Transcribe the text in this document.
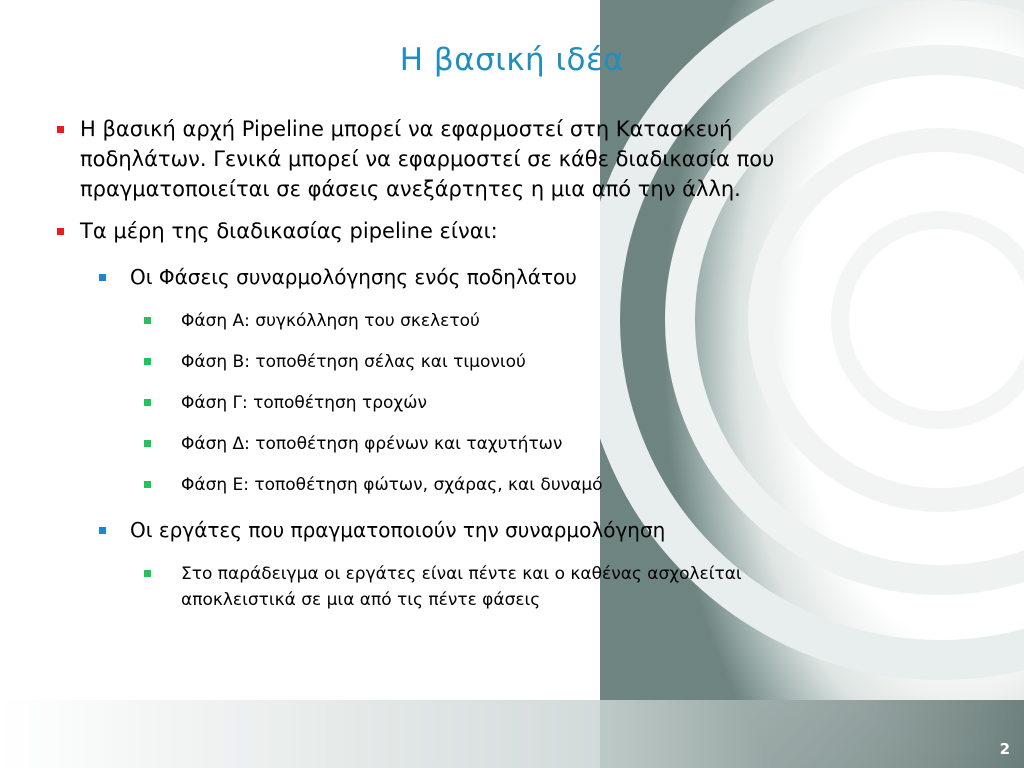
Η βασική ιδέα
Η βασική αρχή Pipeline μπορεί να εφαρμοστεί στη Κατασκευή
ποδηλάτων. Γενικά μπορεί να εφαρμοστεί σε κάθε διαδικασία που
πραγματοποιείται σε φάσεις ανεξάρτητες η μια από την άλλη.
Τα μέρη της διαδικασίας pipeline είναι:
Οι Φάσεις συναρμολόγησης ενός ποδηλάτου
Φάση Α: συγκόλληση του σκελετού
Φάση Β: τοποθέτηση σέλας και τιμονιού
Φάση Γ: τοποθέτηση τροχών
Φάση Δ: τοποθέτηση φρένων και ταχυτήτων
Φάση Ε: τοποθέτηση φώτων, σχάρας, και δυναμό
Οι εργάτες που πραγματοποιούν την συναρμολόγηση
Στο παράδειγμα οι εργάτες είναι πέντε και ο καθένας ασχολείται
αποκλειστικά σε μια από τις πέντε φάσεις
2
